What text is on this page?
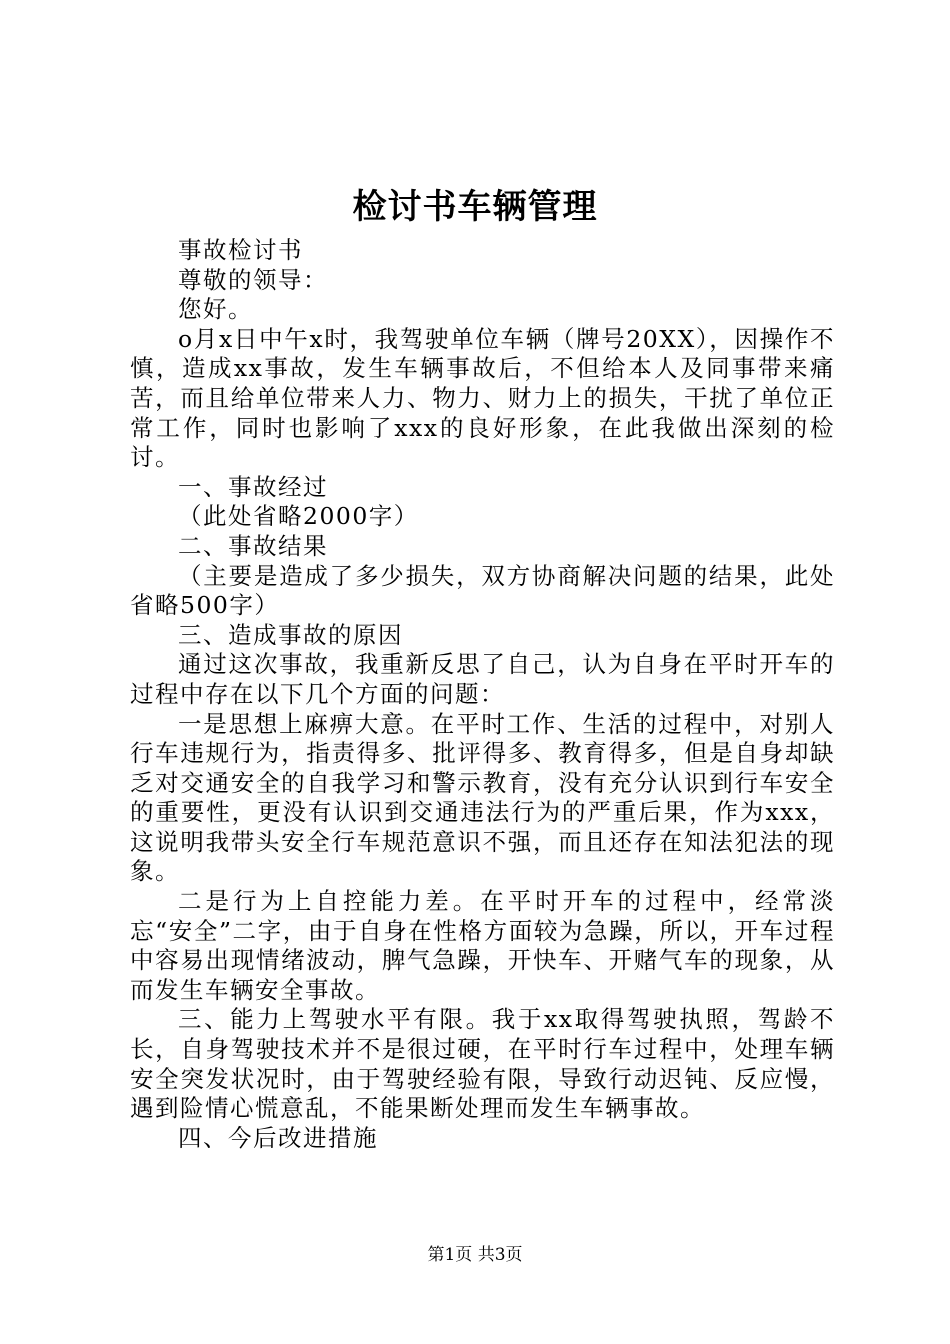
检讨书车辆管理

事故检讨书

尊敬的领导：

您好。

o月x日中午x时，我驾驶单位车辆（牌号20XX），因操作不慎，造成xx事故，发生车辆事故后，不但给本人及同事带来痛苦，而且给单位带来人力、物力、财力上的损失，干扰了单位正常工作，同时也影响了xxx的良好形象，在此我做出深刻的检讨。

一、事故经过

（此处省略2000字）

二、事故结果

（主要是造成了多少损失，双方协商解决问题的结果，此处省略500字）

三、造成事故的原因

通过这次事故，我重新反思了自己，认为自身在平时开车的过程中存在以下几个方面的问题：

一是思想上麻痹大意。在平时工作、生活的过程中，对别人行车违规行为，指责得多、批评得多、教育得多，但是自身却缺乏对交通安全的自我学习和警示教育，没有充分认识到行车安全的重要性，更没有认识到交通违法行为的严重后果，作为xxx，这说明我带头安全行车规范意识不强，而且还存在知法犯法的现象。

二是行为上自控能力差。在平时开车的过程中，经常淡忘“安全”二字，由于自身在性格方面较为急躁，所以，开车过程中容易出现情绪波动，脾气急躁，开快车、开赌气车的现象，从而发生车辆安全事故。

三、能力上驾驶水平有限。我于xx取得驾驶执照，驾龄不长，自身驾驶技术并不是很过硬，在平时行车过程中，处理车辆安全突发状况时，由于驾驶经验有限，导致行动迟钝、反应慢，遇到险情心慌意乱，不能果断处理而发生车辆事故。

四、今后改进措施

第1页 共3页
